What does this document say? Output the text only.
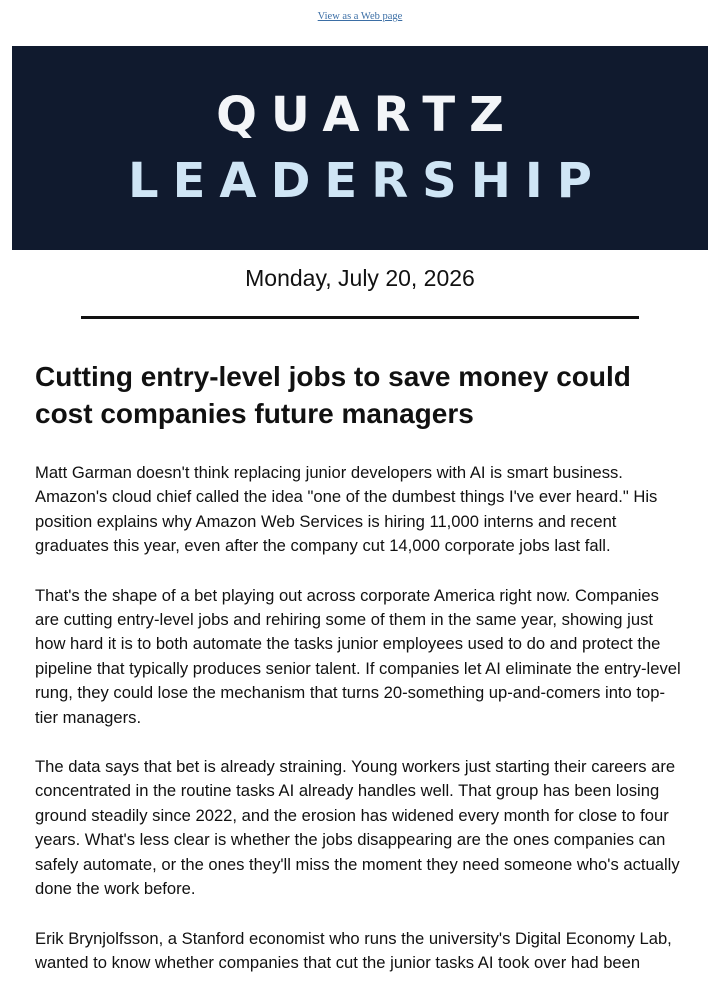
View as a Web page
QUARTZ
LEADERSHIP
Monday, July 20, 2026
Cutting entry-level jobs to save money could cost companies future managers

Matt Garman doesn't think replacing junior developers with AI is smart business. Amazon's cloud chief called the idea "one of the dumbest things I've ever heard." His position explains why Amazon Web Services is hiring 11,000 interns and recent graduates this year, even after the company cut 14,000 corporate jobs last fall.

That's the shape of a bet playing out across corporate America right now. Companies are cutting entry-level jobs and rehiring some of them in the same year, showing just how hard it is to both automate the tasks junior employees used to do and protect the pipeline that typically produces senior talent. If companies let AI eliminate the entry-level rung, they could lose the mechanism that turns 20-something up-and-comers into top-tier managers.

The data says that bet is already straining. Young workers just starting their careers are concentrated in the routine tasks AI already handles well. That group has been losing ground steadily since 2022, and the erosion has widened every month for close to four years. What's less clear is whether the jobs disappearing are the ones companies can safely automate, or the ones they'll miss the moment they need someone who's actually done the work before.

Erik Brynjolfsson, a Stanford economist who runs the university's Digital Economy Lab, wanted to know whether companies that cut the junior tasks AI took over had been
